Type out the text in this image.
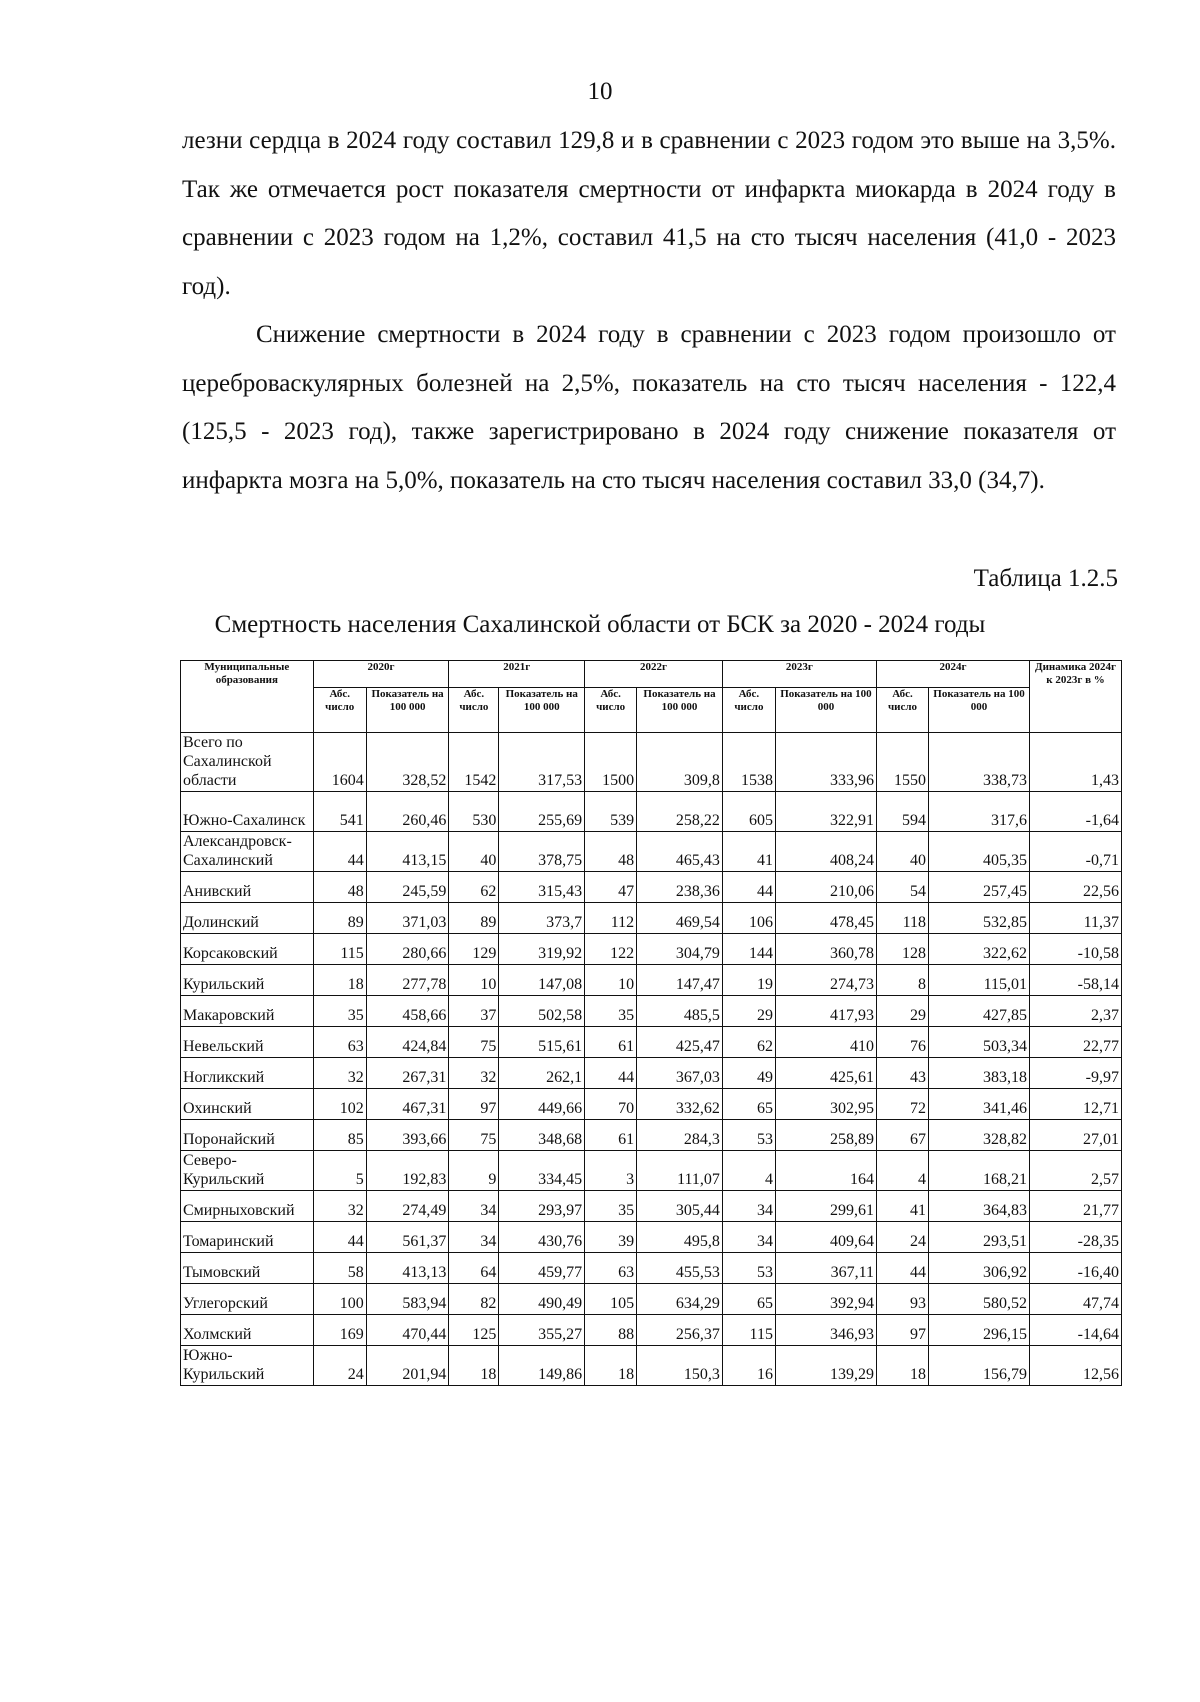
10

лезни сердца в 2024 году составил 129,8 и в сравнении с 2023 годом это выше на 3,5%. Так же отмечается рост показателя смертности от инфаркта миокарда в 2024 году в сравнении с 2023 годом на 1,2%, составил 41,5 на сто тысяч населения (41,0 - 2023 год).

Снижение смертности в 2024 году в сравнении с 2023 годом произошло от цереброваскулярных болезней на 2,5%, показатель на сто тысяч населения - 122,4 (125,5 - 2023 год), также зарегистрировано в 2024 году снижение показателя от инфаркта мозга на 5,0%, показатель на сто тысяч населения составил 33,0 (34,7).

Таблица 1.2.5
Смертность населения Сахалинской области от БСК за 2020 - 2024 годы
Муниципальные образования	2020г		2021г		2022г		2023г		2024г		Динамика 2024г к 2023г в %
	Абс. число	Показатель на 100 000	Абс. число	Показатель на 100 000	Абс. число	Показатель на 100 000	Абс. число	Показатель на 100 000	Абс. число	Показатель на 100 000	
Всего по Сахалинской области	1604	328,52	1542	317,53	1500	309,8	1538	333,96	1550	338,73	1,43
Южно-Сахалинск	541	260,46	530	255,69	539	258,22	605	322,91	594	317,6	-1,64
Александровск-Сахалинский	44	413,15	40	378,75	48	465,43	41	408,24	40	405,35	-0,71
Анивский	48	245,59	62	315,43	47	238,36	44	210,06	54	257,45	22,56
Долинский	89	371,03	89	373,7	112	469,54	106	478,45	118	532,85	11,37
Корсаковский	115	280,66	129	319,92	122	304,79	144	360,78	128	322,62	-10,58
Курильский	18	277,78	10	147,08	10	147,47	19	274,73	8	115,01	-58,14
Макаровский	35	458,66	37	502,58	35	485,5	29	417,93	29	427,85	2,37
Невельский	63	424,84	75	515,61	61	425,47	62	410	76	503,34	22,77
Ногликский	32	267,31	32	262,1	44	367,03	49	425,61	43	383,18	-9,97
Охинский	102	467,31	97	449,66	70	332,62	65	302,95	72	341,46	12,71
Поронайский	85	393,66	75	348,68	61	284,3	53	258,89	67	328,82	27,01
Северо-Курильский	5	192,83	9	334,45	3	111,07	4	164	4	168,21	2,57
Смирныховский	32	274,49	34	293,97	35	305,44	34	299,61	41	364,83	21,77
Томаринский	44	561,37	34	430,76	39	495,8	34	409,64	24	293,51	-28,35
Тымовский	58	413,13	64	459,77	63	455,53	53	367,11	44	306,92	-16,40
Углегорский	100	583,94	82	490,49	105	634,29	65	392,94	93	580,52	47,74
Холмский	169	470,44	125	355,27	88	256,37	115	346,93	97	296,15	-14,64
Южно-Курильский	24	201,94	18	149,86	18	150,3	16	139,29	18	156,79	12,56
